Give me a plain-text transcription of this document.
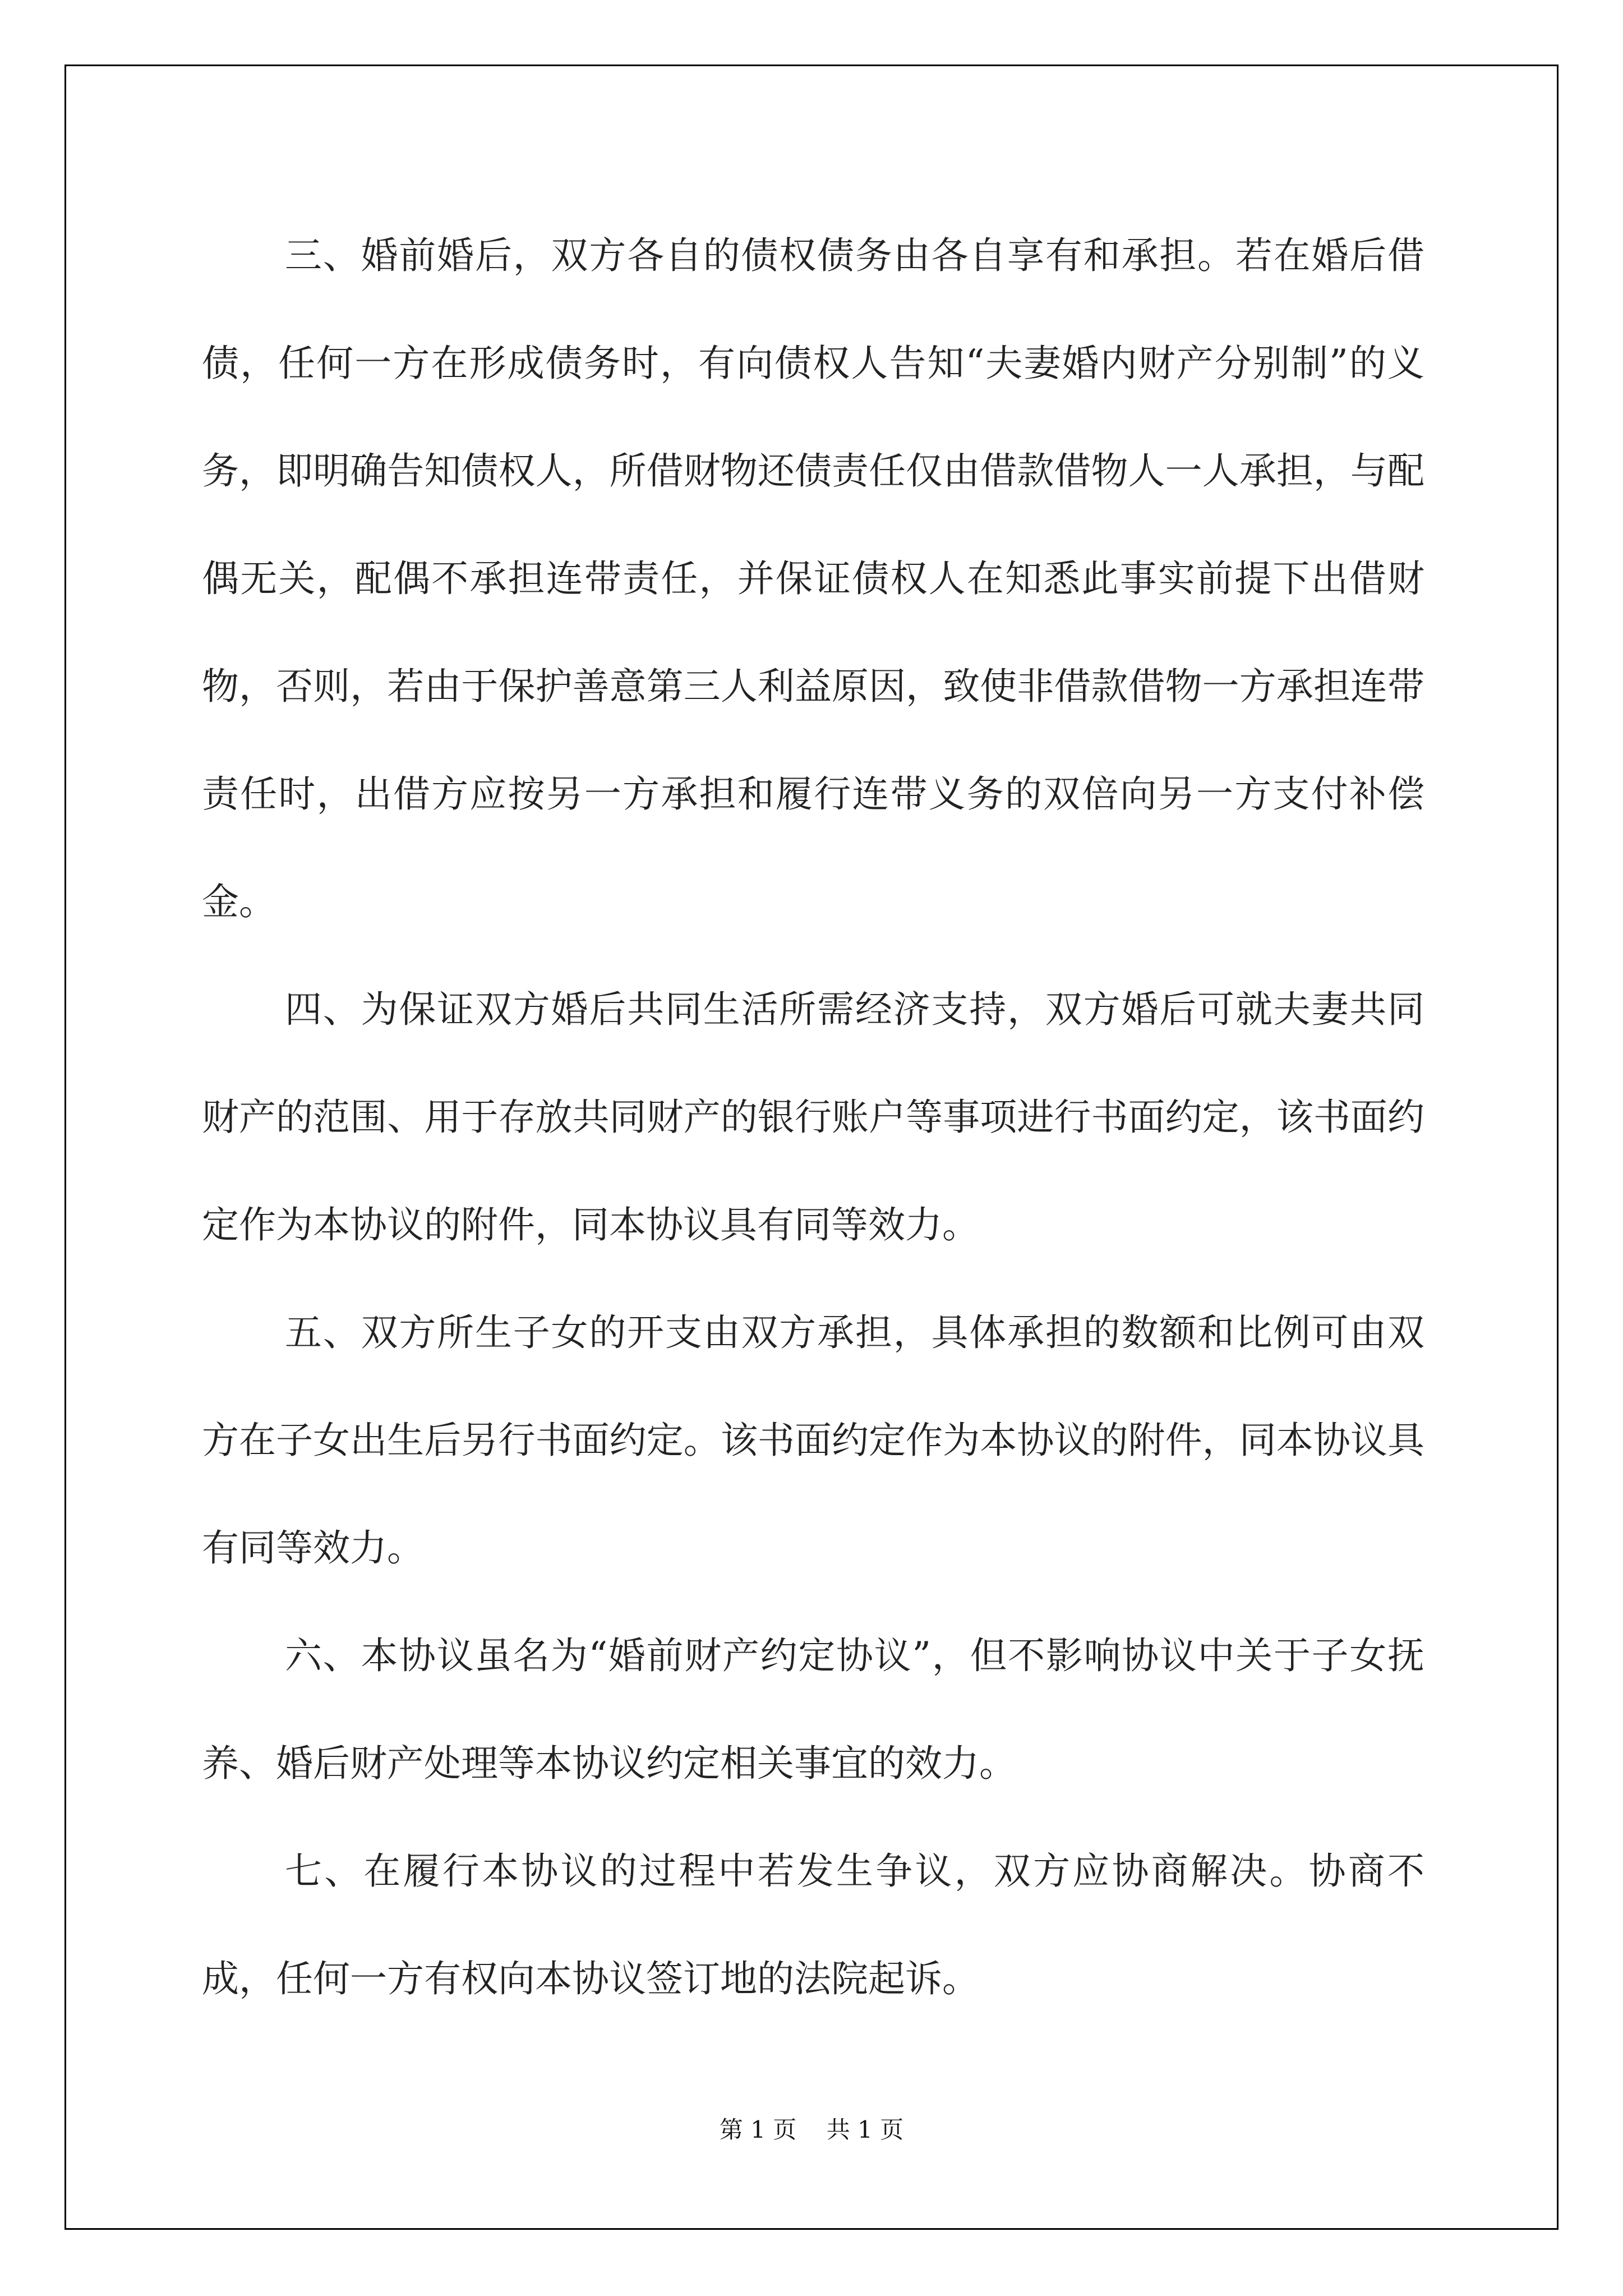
三、婚前婚后，双方各自的债权债务由各自享有和承担。若在婚后借债，任何一方在形成债务时，有向债权人告知“夫妻婚内财产分别制”的义务，即明确告知债权人，所借财物还债责任仅由借款借物人一人承担，与配偶无关，配偶不承担连带责任，并保证债权人在知悉此事实前提下出借财物，否则，若由于保护善意第三人利益原因，致使非借款借物一方承担连带责任时，出借方应按另一方承担和履行连带义务的双倍向另一方支付补偿金。

四、为保证双方婚后共同生活所需经济支持，双方婚后可就夫妻共同财产的范围、用于存放共同财产的银行账户等事项进行书面约定，该书面约定作为本协议的附件，同本协议具有同等效力。

五、双方所生子女的开支由双方承担，具体承担的数额和比例可由双方在子女出生后另行书面约定。该书面约定作为本协议的附件，同本协议具有同等效力。

六、本协议虽名为“婚前财产约定协议”，但不影响协议中关于子女抚养、婚后财产处理等本协议约定相关事宜的效力。

七、在履行本协议的过程中若发生争议，双方应协商解决。协商不成，任何一方有权向本协议签订地的法院起诉。

第 1 页    共 1 页
